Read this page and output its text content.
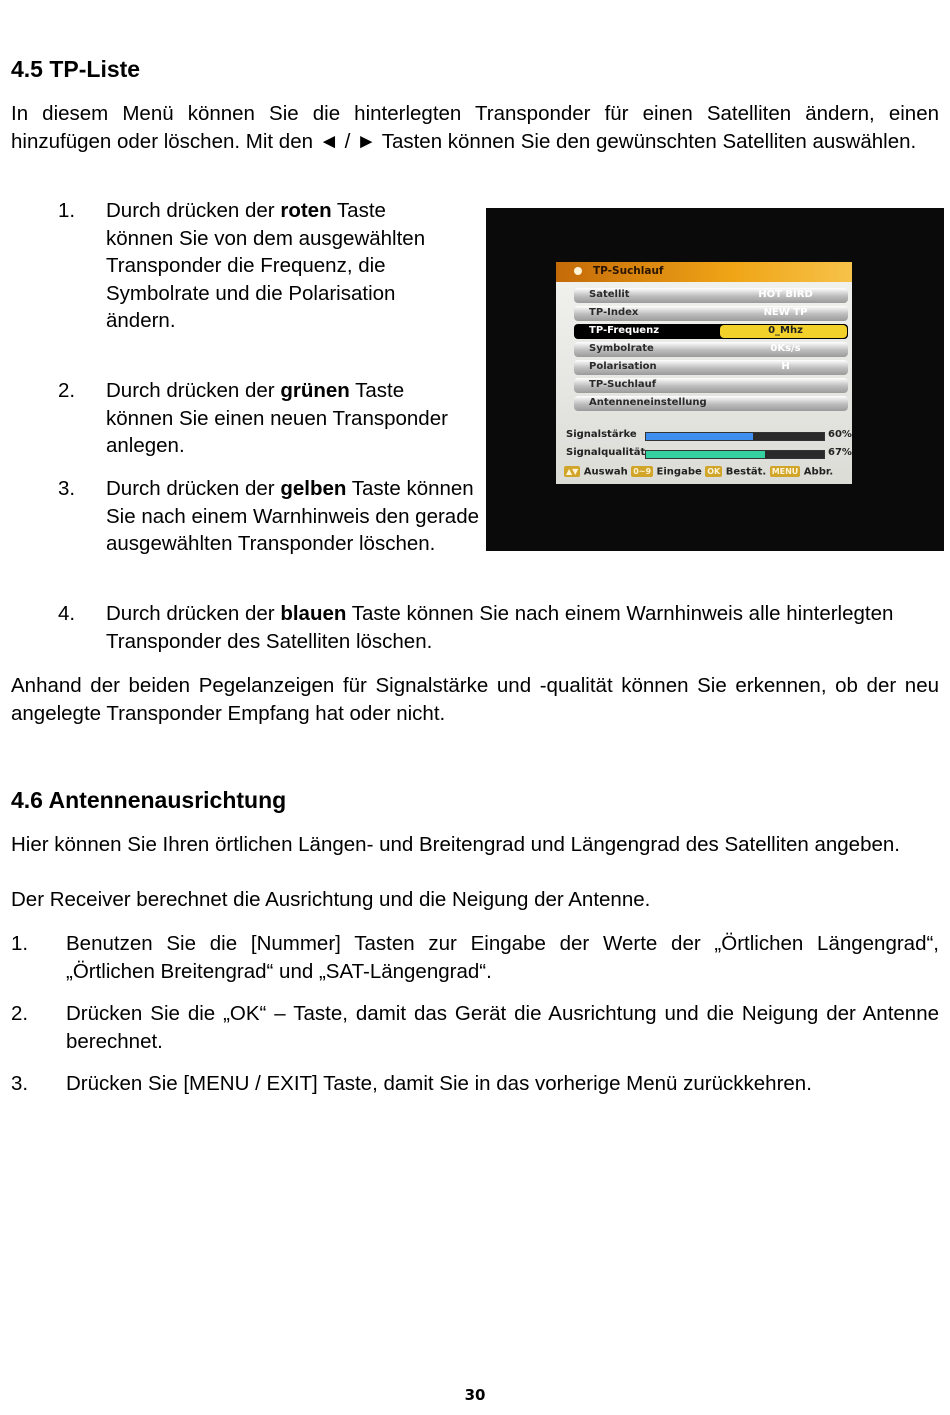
4.5 TP-Liste
In diesem Menü können Sie die hinterlegten Transponder für einen Satelliten ändern, einen hinzufügen oder löschen. Mit den ◄ / ► Tasten können Sie den gewünschten Satelliten auswählen.
1. Durch drücken der roten Taste können Sie von dem ausgewählten Transponder die Frequenz, die Symbolrate und die Polarisation ändern.
2. Durch drücken der grünen Taste können Sie einen neuen Transponder anlegen.
3. Durch drücken der gelben Taste können Sie nach einem Warnhinweis den gerade ausgewählten Transponder löschen.
4. Durch drücken der blauen Taste können Sie nach einem Warnhinweis alle hinterlegten Transponder des Satelliten löschen.
Anhand der beiden Pegelanzeigen für Signalstärke und -qualität können Sie erkennen, ob der neu angelegte Transponder Empfang hat oder nicht.
TP-Suchlauf
Satellit	HOT BIRD
TP-Index	NEW TP
TP-Frequenz	0_Mhz
Symbolrate	0Ks/s
Polarisation	H
TP-Suchlauf
Antenneneinstellung
Signalstärke	60%
Signalqualität	67%
▲▼ Auswah 0~9 Eingabe OK Bestät. MENU Abbr.
4.6 Antennenausrichtung
Hier können Sie Ihren örtlichen Längen- und Breitengrad und Längengrad des Satelliten angeben.
Der Receiver berechnet die Ausrichtung und die Neigung der Antenne.
1. Benutzen Sie die [Nummer] Tasten zur Eingabe der Werte der „Örtlichen Längengrad“, „Örtlichen Breitengrad“ und „SAT-Längengrad“.
2. Drücken Sie die „OK“ – Taste, damit das Gerät die Ausrichtung und die Neigung der Antenne berechnet.
3. Drücken Sie [MENU / EXIT] Taste, damit Sie in das vorherige Menü zurückkehren.
30
